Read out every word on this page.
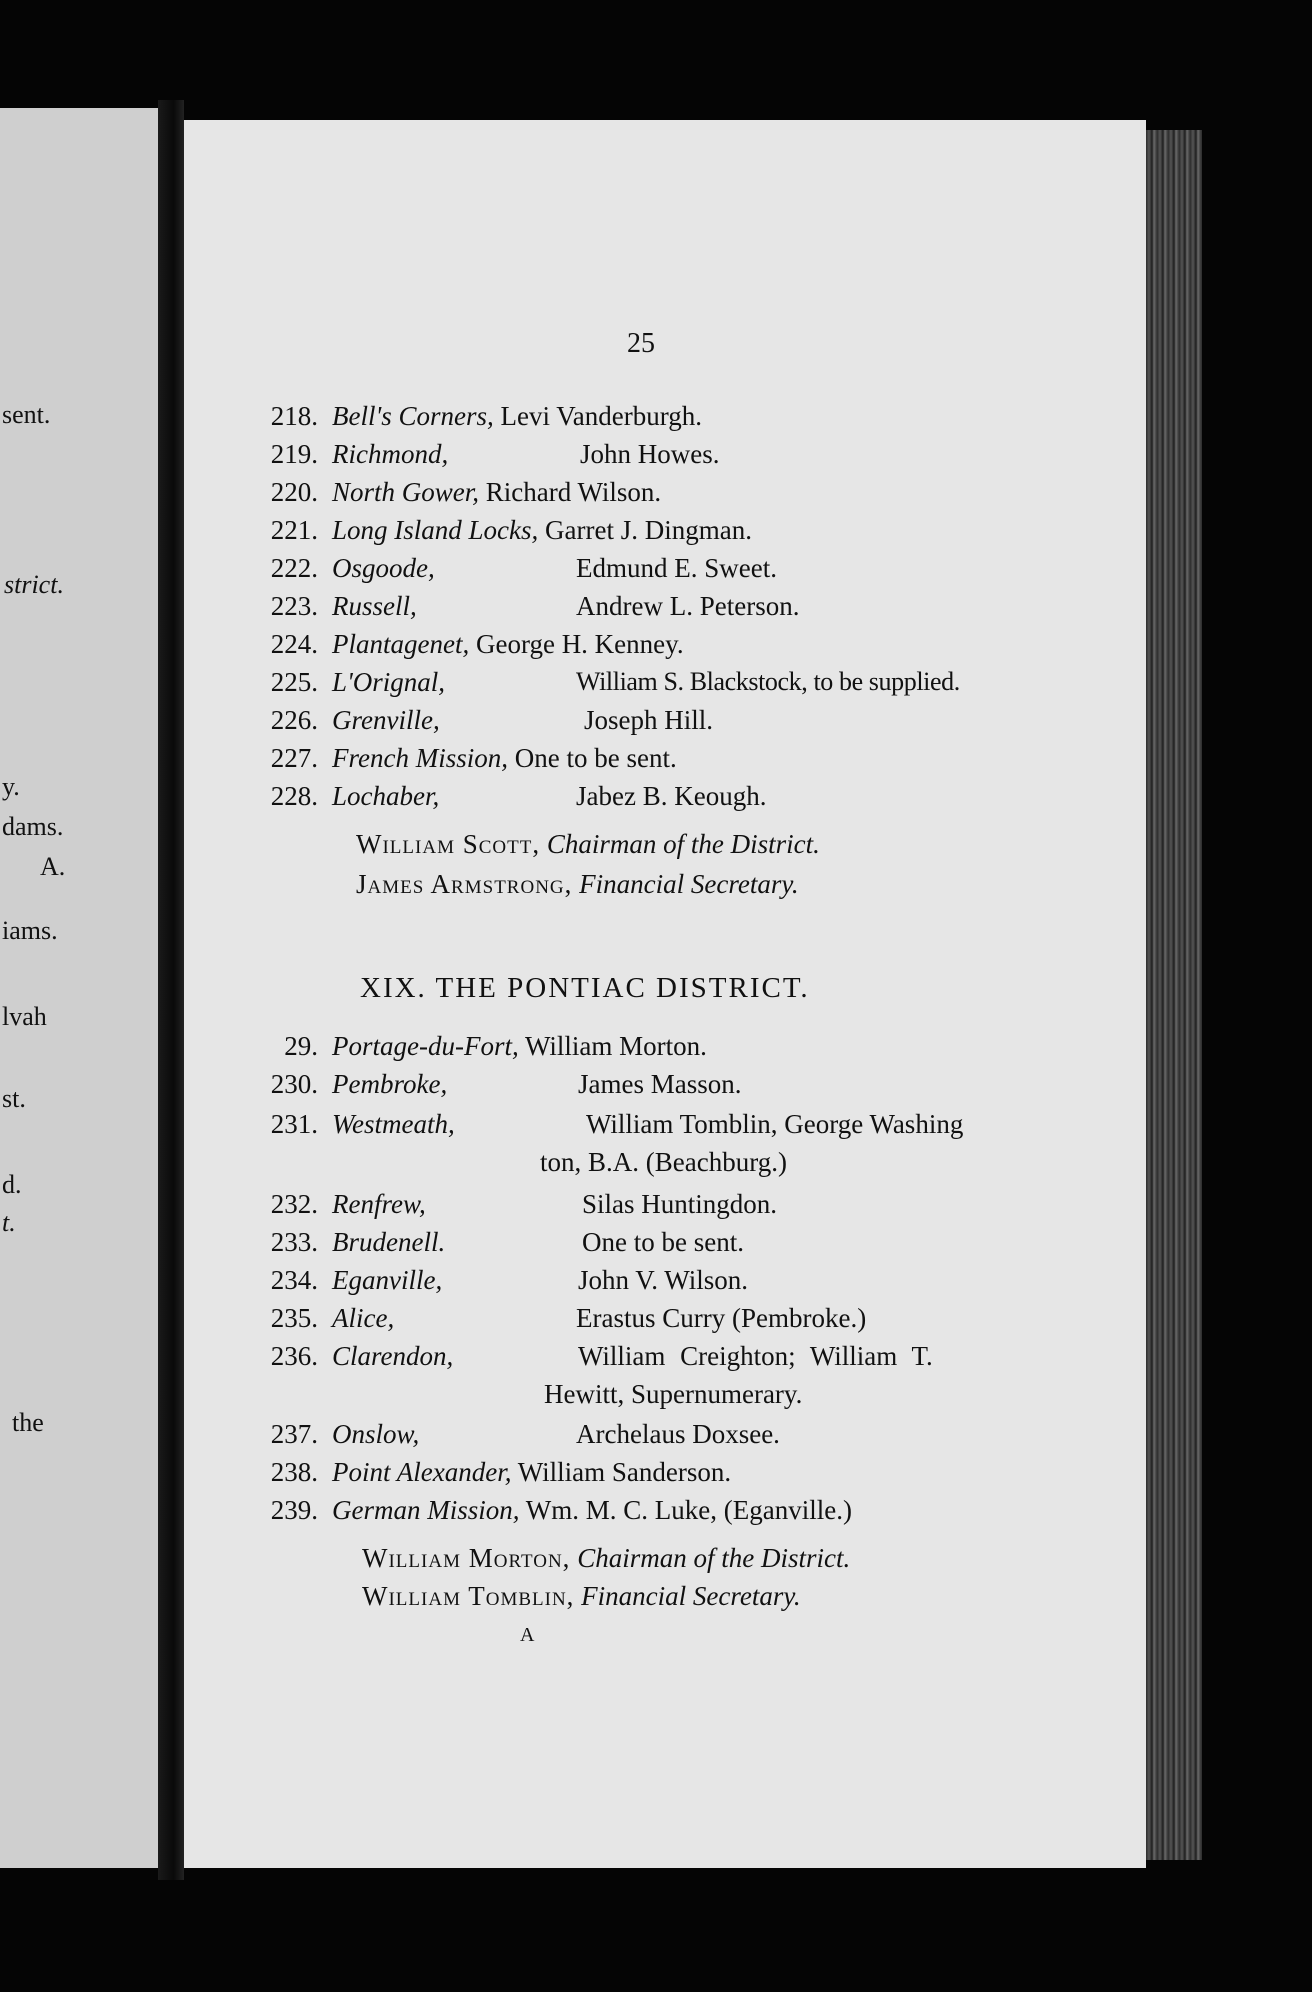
sent.
strict.
y.
dams.
A.
iams.
lvah
st.
d.
t.
the
25
218. Bell's Corners, Levi Vanderburgh.
219. Richmond,	John Howes.
220. North Gower, Richard Wilson.
221. Long Island Locks, Garret J. Dingman.
222. Osgoode,	Edmund E. Sweet.
223. Russell,	Andrew L. Peterson.
224. Plantagenet, George H. Kenney.
225. L'Orignal,	William S. Blackstock, to be supplied.
226. Grenville,	Joseph Hill.
227. French Mission, One to be sent.
228. Lochaber,	Jabez B. Keough.
William Scott, Chairman of the District.
James Armstrong, Financial Secretary.
XIX. THE PONTIAC DISTRICT.
29. Portage-du-Fort, William Morton.
230. Pembroke,	James Masson.
231. Westmeath,	William Tomblin, George Washing
ton, B.A. (Beachburg.)
232. Renfrew,	Silas Huntingdon.
233. Brudenell.	One to be sent.
234. Eganville,	John V. Wilson.
235. Alice,	Erastus Curry (Pembroke.)
236. Clarendon,	William Creighton; William T.
Hewitt, Supernumerary.
237. Onslow,	Archelaus Doxsee.
238. Point Alexander, William Sanderson.
239. German Mission, Wm. M. C. Luke, (Eganville.)
William Morton, Chairman of the District.
William Tomblin, Financial Secretary.
A
